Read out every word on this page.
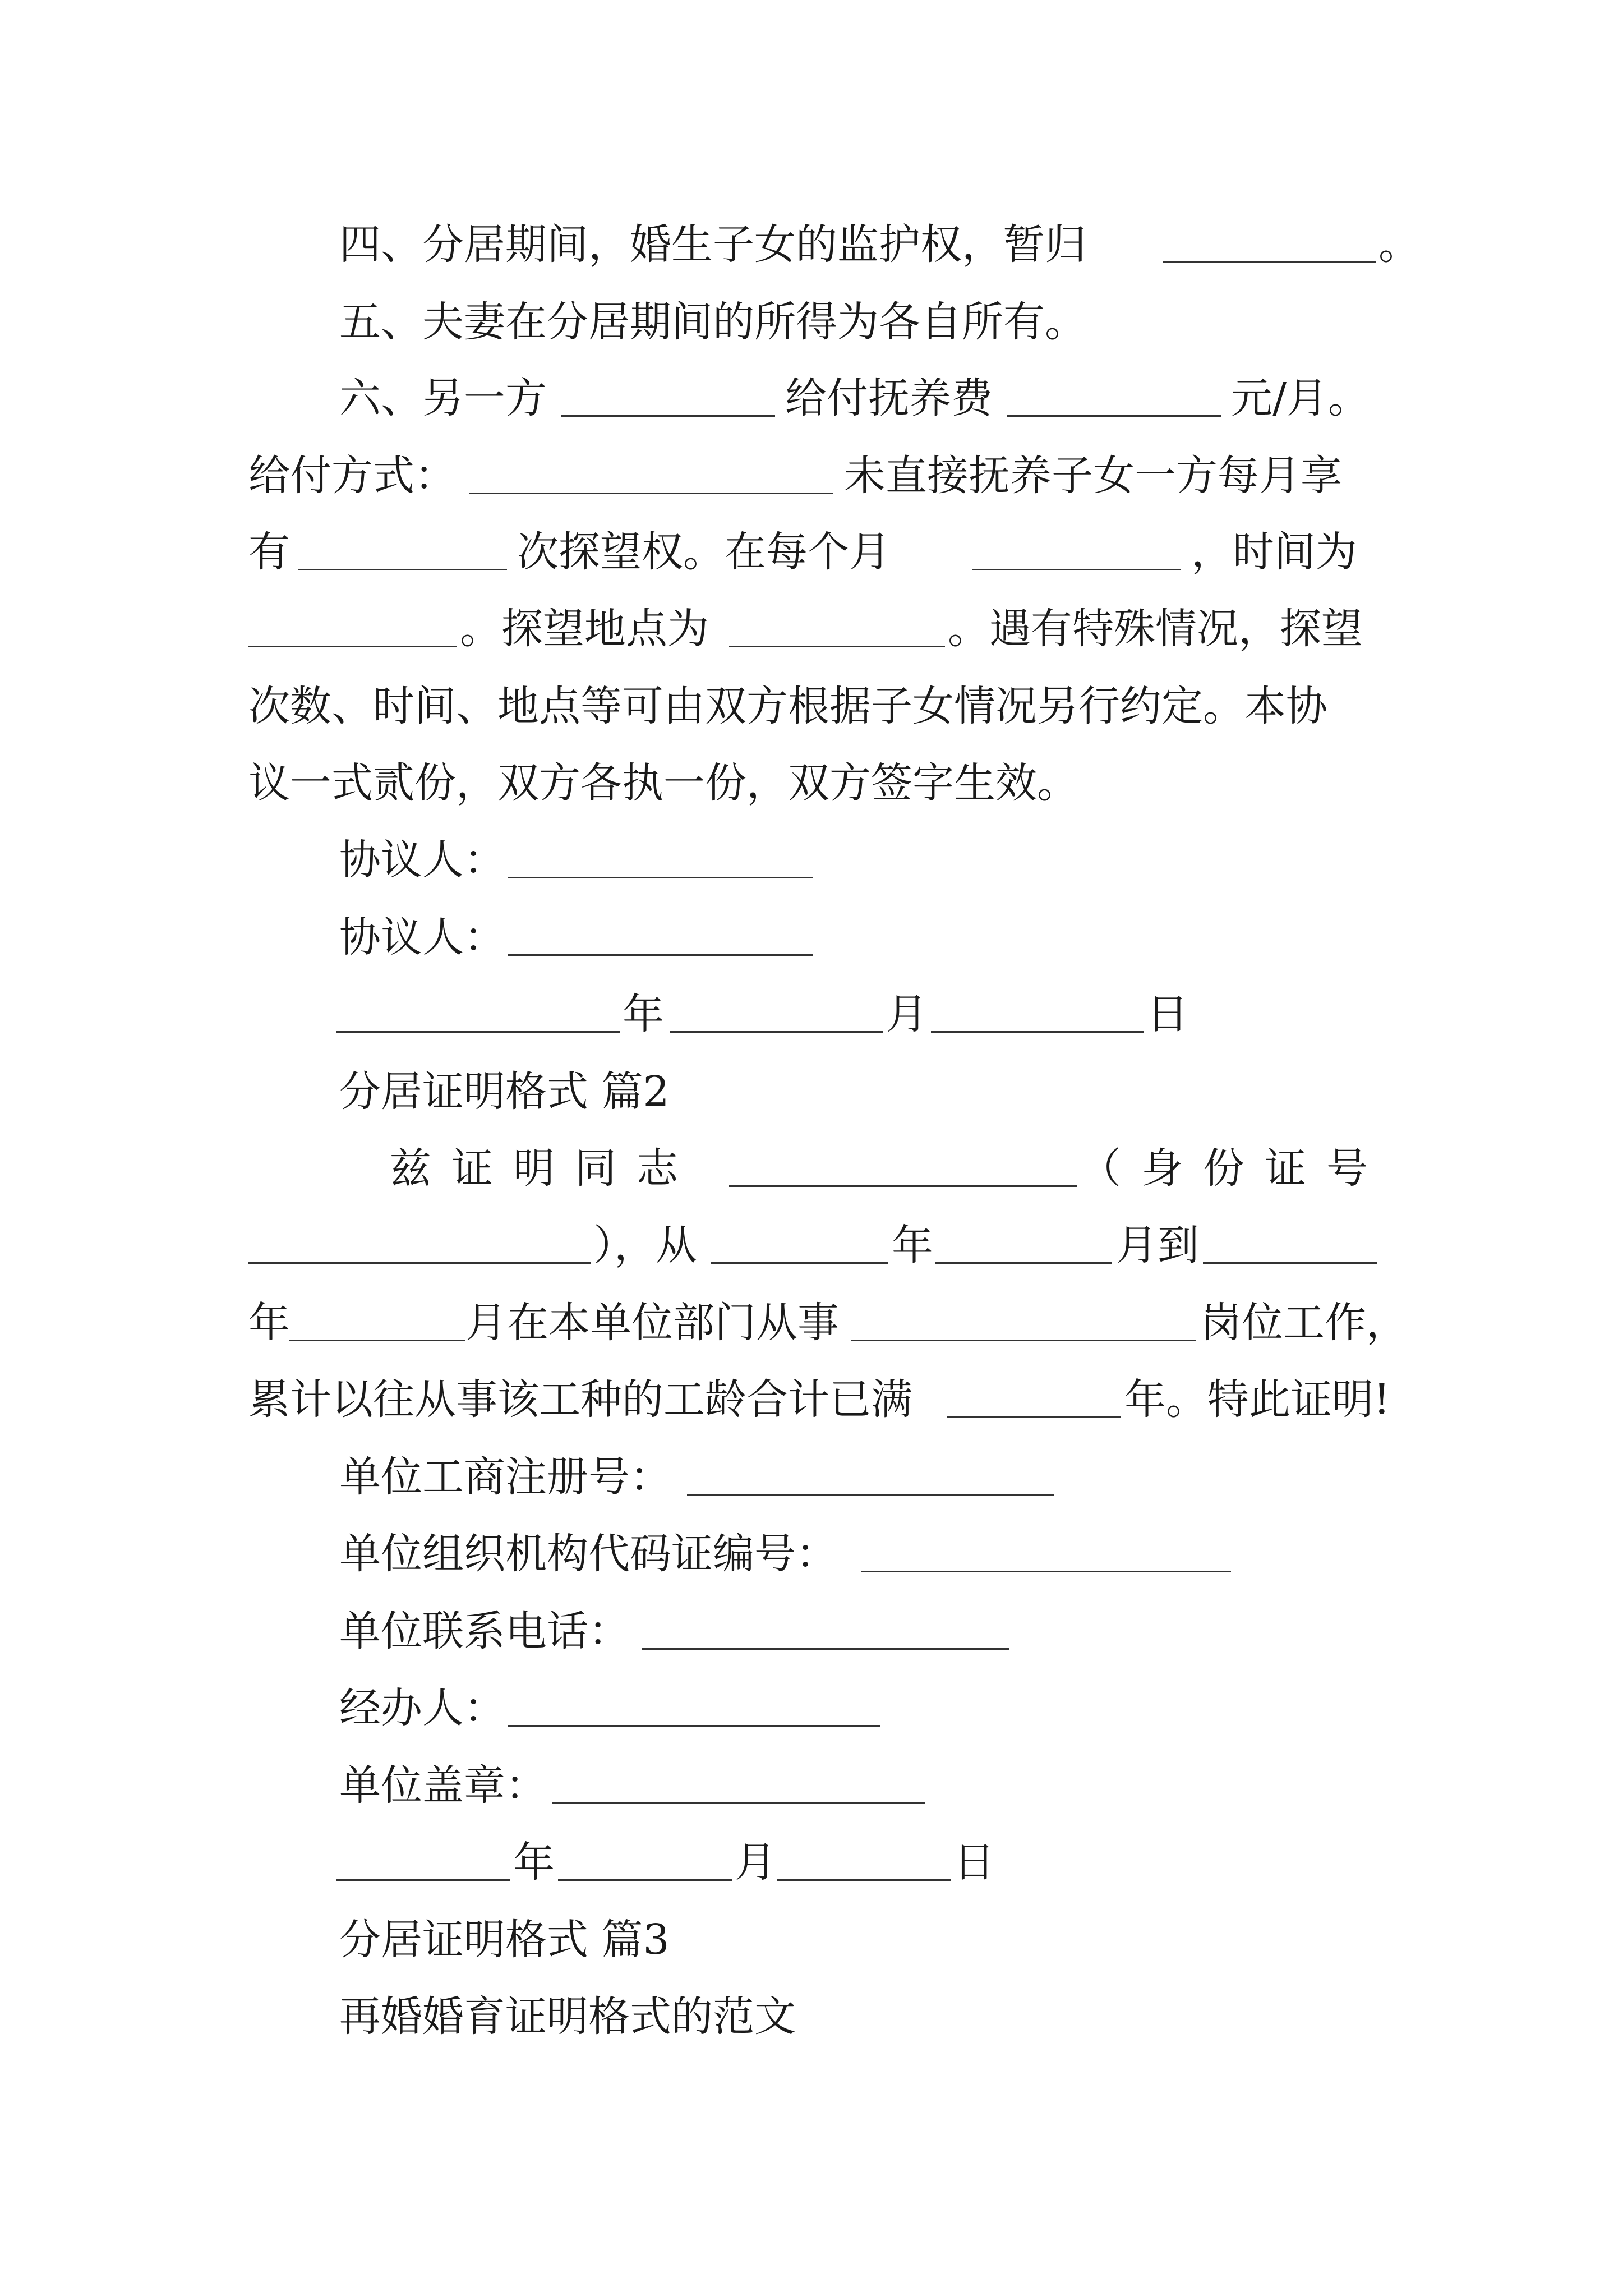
四、分居期间，婚生子女的监护权，暂归	。
五、夫妻在分居期间的所得为各自所有。
六、另一方	给付抚养费	元/月。
给付方式：	未直接抚养子女一方每月享
有	次探望权。在每个月	，时间为
。探望地点为	。遇有特殊情况，探望
次数、时间、地点等可由双方根据子女情况另行约定。本协
议一式贰份，双方各执一份，双方签字生效。
协议人：
协议人：
年	月	日
分居证明格式 篇2
兹证明同志	（身份证号
），从	年	月到
年	月在本单位部门从事	岗位工作，
累计以往从事该工种的工龄合计已满	年。特此证明!
单位工商注册号：
单位组织机构代码证编号：
单位联系电话：
经办人：
单位盖章：
年	月	日
分居证明格式 篇3
再婚婚育证明格式的范文
